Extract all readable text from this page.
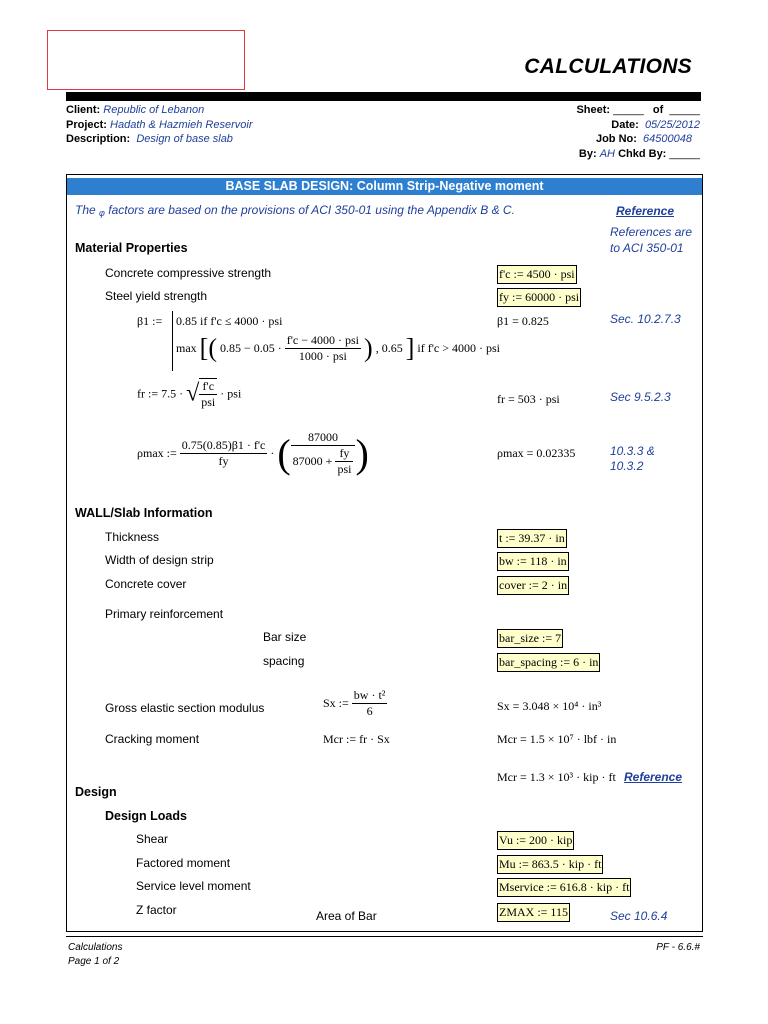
CALCULATIONS
Client: Republic of Lebanon
Project: Hadath & Hazmieh Reservoir
Description: Design of base slab
Sheet: _____ of _____
Date: 05/25/2012
Job No: 64500048
By: AH Chkd By: _____
BASE SLAB DESIGN: Column Strip-Negative moment
The φ factors are based on the provisions of ACI 350-01 using the Appendix B & C.	Reference
References are
to ACI 350-01
Material Properties
Concrete compressive strength	f'c := 4500 · psi
Steel yield strength	fy := 60000 · psi
β1 := 0.85 if f'c ≤ 4000 · psi
max [( $0.85 - 0.05 \cdot \frac{\text{f'c − 4000 · psi}}{\text{1000 · psi}}$ ) , 0.65 ] if f'c > 4000 · psi
β1 = 0.825	Sec. 10.2.7.3
fr := 7.5 · √ $\frac{f'c}{\text{psi}}$ · psi	fr = 503 · psi	Sec 9.5.2.3
ρmax := $\frac{0.75(0.85)\beta 1 \cdot f'c}{fy}$ · ( $\frac{87000}{87000 + \frac{fy}{\text{psi}}}$ )	ρmax = 0.02335	10.3.3 &
10.3.2
WALL/Slab Information
Thickness	t := 39.37 · in
Width of design strip	bw := 118 · in
Concrete cover	cover := 2 · in
Primary reinforcement
Bar size	bar_size := 7
spacing	bar_spacing := 6 · in
Gross elastic section modulus	Sx := $\frac{\text{bw · t²}}{6}$	Sx = 3.048 × 10⁴ · in³
Cracking moment	Mcr := fr · Sx	Mcr = 1.5 × 10⁷ · lbf · in
Mcr = 1.3 × 10³ · kip · ft Reference
Design
Design Loads
Shear	Vu := 200 · kip
Factored moment	Mu := 863.5 · kip · ft
Service level moment	Mservice := 616.8 · kip · ft
Z factor	Area of Bar	ZMAX := 115	Sec 10.6.4
Calculations
Page 1 of 2
PF - 6.6.#
